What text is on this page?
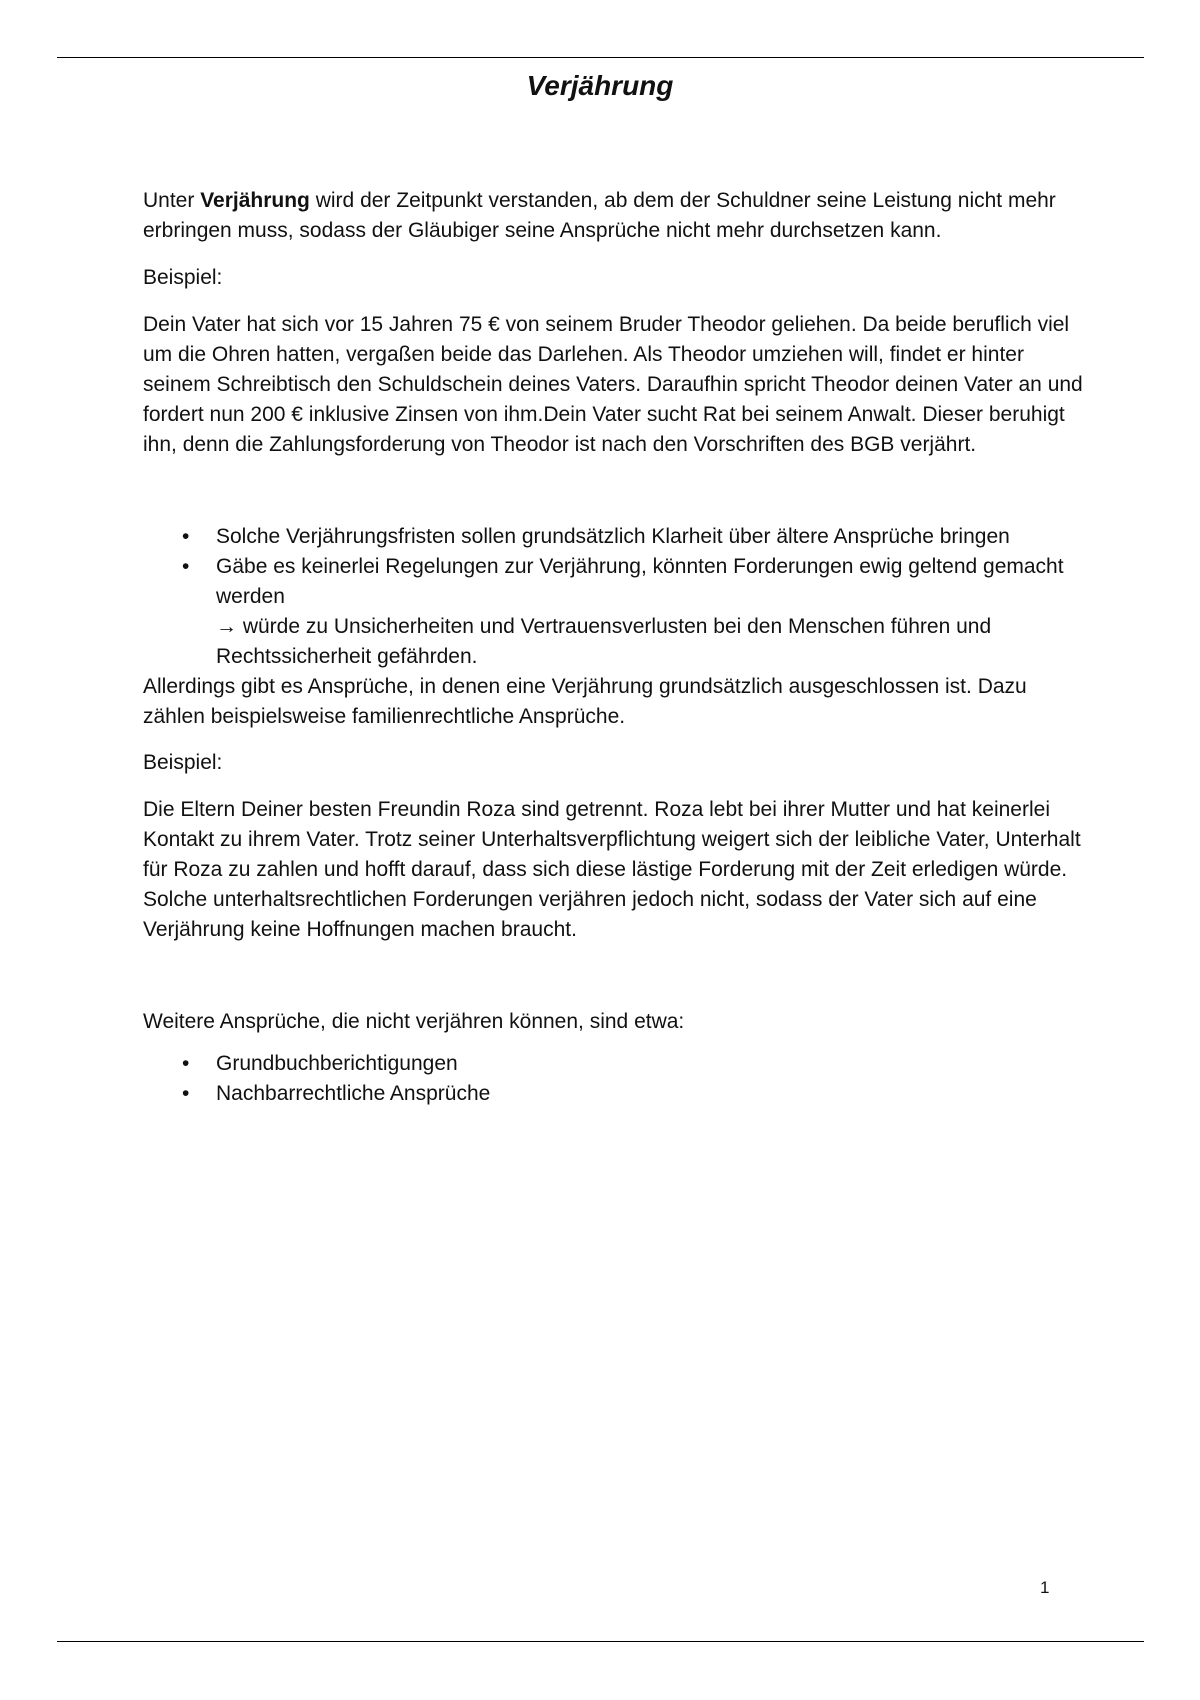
Verjährung

Unter Verjährung wird der Zeitpunkt verstanden, ab dem der Schuldner seine Leistung nicht mehr erbringen muss, sodass der Gläubiger seine Ansprüche nicht mehr durchsetzen kann.

Beispiel:

Dein Vater hat sich vor 15 Jahren 75 € von seinem Bruder Theodor geliehen. Da beide beruflich viel um die Ohren hatten, vergaßen beide das Darlehen. Als Theodor umziehen will, findet er hinter seinem Schreibtisch den Schuldschein deines Vaters. Daraufhin spricht Theodor deinen Vater an und fordert nun 200 € inklusive Zinsen von ihm.Dein Vater sucht Rat bei seinem Anwalt. Dieser beruhigt ihn, denn die Zahlungsforderung von Theodor ist nach den Vorschriften des BGB verjährt.

• Solche Verjährungsfristen sollen grundsätzlich Klarheit über ältere Ansprüche bringen
• Gäbe es keinerlei Regelungen zur Verjährung, könnten Forderungen ewig geltend gemacht werden
→ würde zu Unsicherheiten und Vertrauensverlusten bei den Menschen führen und Rechtssicherheit gefährden.

Allerdings gibt es Ansprüche, in denen eine Verjährung grundsätzlich ausgeschlossen ist. Dazu zählen beispielsweise familienrechtliche Ansprüche.

Beispiel:

Die Eltern Deiner besten Freundin Roza sind getrennt. Roza lebt bei ihrer Mutter und hat keinerlei Kontakt zu ihrem Vater. Trotz seiner Unterhaltsverpflichtung weigert sich der leibliche Vater, Unterhalt für Roza zu zahlen und hofft darauf, dass sich diese lästige Forderung mit der Zeit erledigen würde. Solche unterhaltsrechtlichen Forderungen verjähren jedoch nicht, sodass der Vater sich auf eine Verjährung keine Hoffnungen machen braucht.

Weitere Ansprüche, die nicht verjähren können, sind etwa:

• Grundbuchberichtigungen
• Nachbarrechtliche Ansprüche
1
